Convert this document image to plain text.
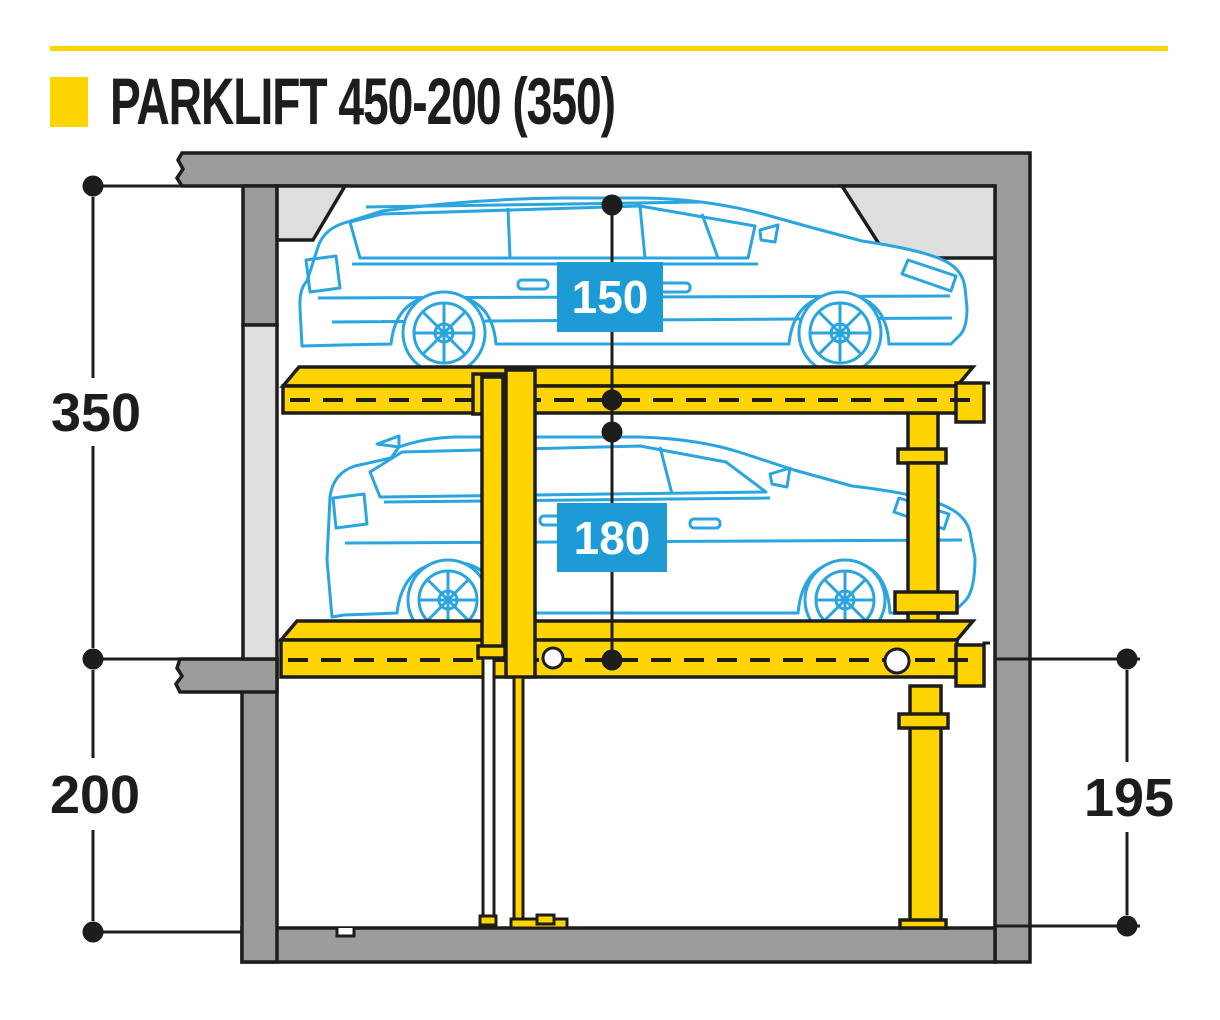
PARKLIFT 450-200 (350)
150
180
350
200	195
